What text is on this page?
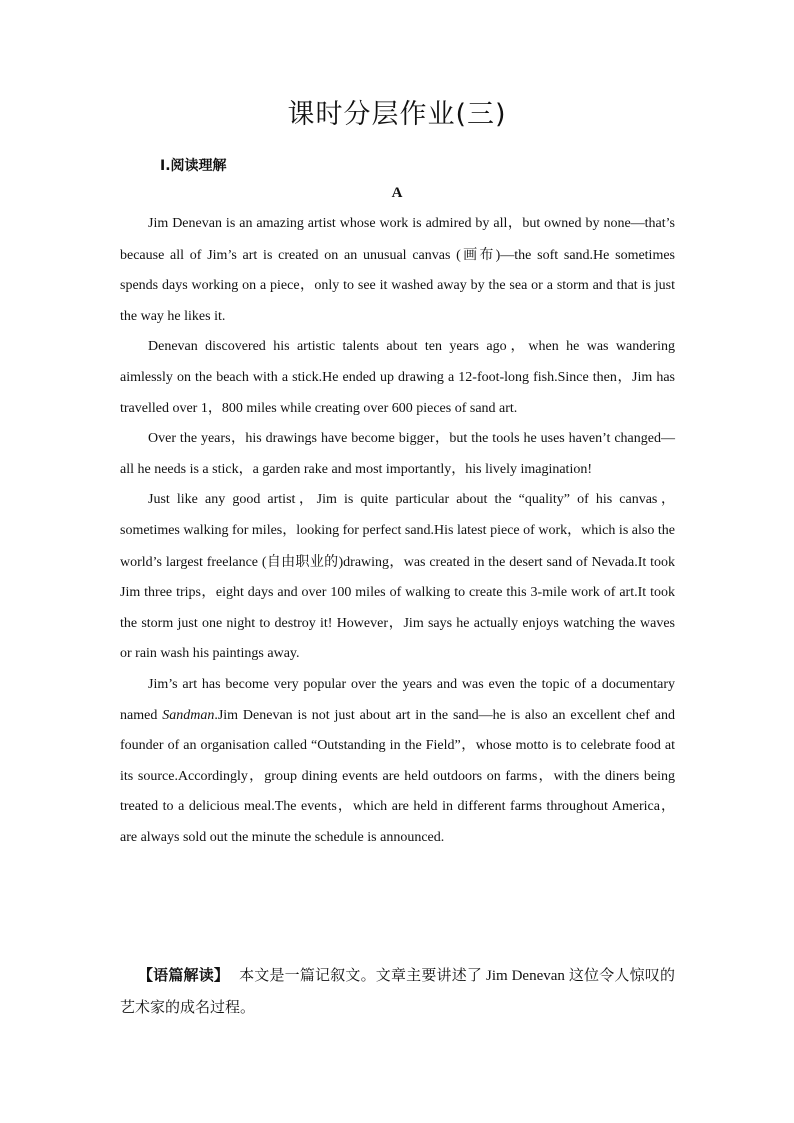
课时分层作业(三)
Ⅰ.阅读理解
A

Jim Denevan is an amazing artist whose work is admired by all，but owned by none—that’s because all of Jim’s art is created on an unusual canvas (画布)—the soft sand.He sometimes spends days working on a piece，only to see it washed away by the sea or a storm and that is just the way he likes it.

Denevan discovered his artistic talents about ten years ago，when he was wandering aimlessly on the beach with a stick.He ended up drawing a 12-foot-long fish.Since then，Jim has travelled over 1，800 miles while creating over 600 pieces of sand art.

Over the years，his drawings have become bigger，but the tools he uses haven’t changed—all he needs is a stick，a garden rake and most importantly，his lively imagination!

Just like any good artist，Jim is quite particular about the “quality” of his canvas，sometimes walking for miles，looking for perfect sand.His latest piece of work，which is also the world’s largest freelance (自由职业的)drawing，was created in the desert sand of Nevada.It took Jim three trips，eight days and over 100 miles of walking to create this 3-mile work of art.It took the storm just one night to destroy it! However，Jim says he actually enjoys watching the waves or rain wash his paintings away.

Jim’s art has become very popular over the years and was even the topic of a documentary named Sandman.Jim Denevan is not just about art in the sand—he is also an excellent chef and founder of an organisation called “Outstanding in the Field”，whose motto is to celebrate food at its source.Accordingly，group dining events are held outdoors on farms，with the diners being treated to a delicious meal.The events，which are held in different farms throughout America，are always sold out the minute the schedule is announced.

【语篇解读】 本文是一篇记叙文。文章主要讲述了 Jim Denevan 这位令人惊叹的艺术家的成名过程。
